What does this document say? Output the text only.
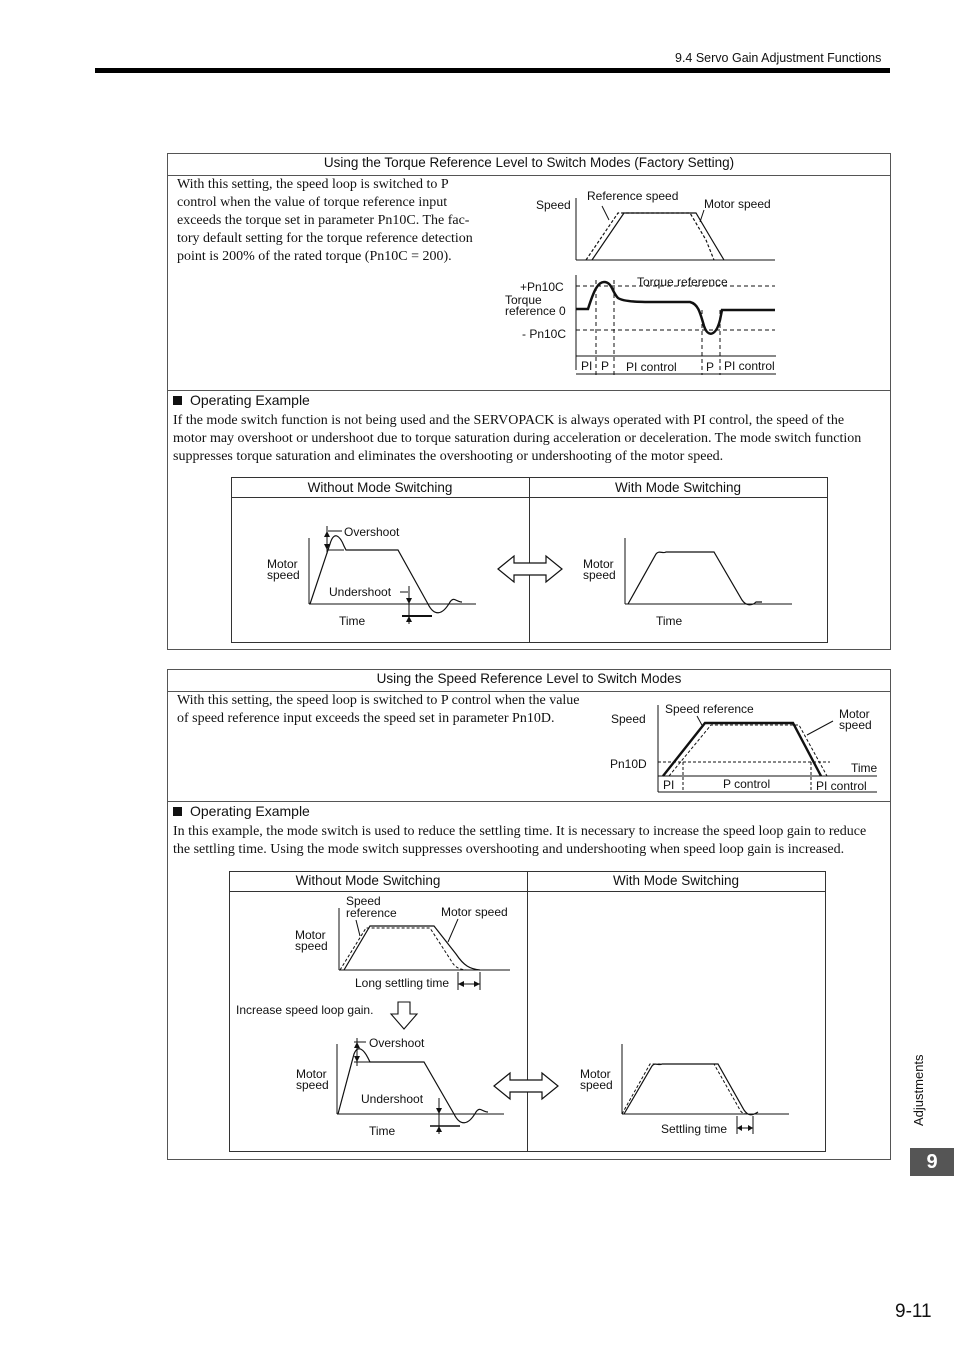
9.4 Servo Gain Adjustment Functions
Using the Torque Reference Level to Switch Modes (Factory Setting)
With this setting, the speed loop is switched to P
control when the value of torque reference input
exceeds the torque set in parameter Pn10C. The fac-
tory default setting for the torque reference detection
point is 200% of the rated torque (Pn10C = 200).
Speed
Reference speed
Motor speed
+Pn10C
Torque
reference 0
- Pn10C
Torque reference
PI P PI control P PI control
Operating Example
If the mode switch function is not being used and the SERVOPACK is always operated with PI control, the speed of the
motor may overshoot or undershoot due to torque saturation during acceleration or deceleration. The mode switch function
suppresses torque saturation and eliminates the overshooting or undershooting of the motor speed.
Without Mode Switching	With Mode Switching
Overshoot
Motor
speed
Undershoot
Time
Motor
speed
Time
Using the Speed Reference Level to Switch Modes
With this setting, the speed loop is switched to P control when the value
of speed reference input exceeds the speed set in parameter Pn10D.	Speed
Speed reference	Motor
speed
Pn10D	Time
PI	P control	PI control
Operating Example
In this example, the mode switch is used to reduce the settling time. It is necessary to increase the speed loop gain to reduce
the settling time. Using the mode switch suppresses overshooting and undershooting when speed loop gain is increased.
Without Mode Switching	With Mode Switching
Speed
reference	Motor speed
Motor
speed
Long settling time
Increase speed loop gain.
Overshoot
Motor
speed
Undershoot
Time
Motor
speed
Settling time
Adjustments
9
9-11
